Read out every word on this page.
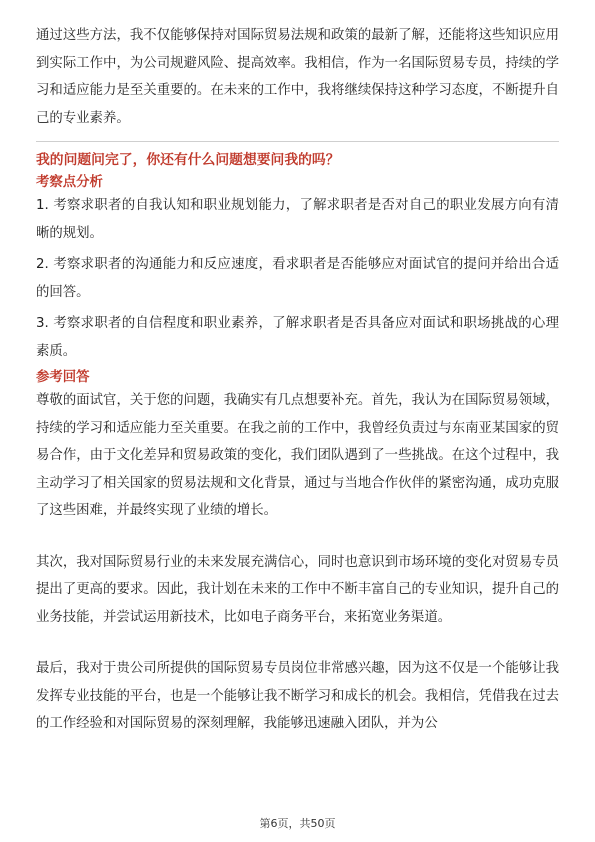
通过这些方法，我不仅能够保持对国际贸易法规和政策的最新了解，还能将这些知识应用到实际工作中，为公司规避风险、提高效率。我相信，作为一名国际贸易专员，持续的学习和适应能力是至关重要的。在未来的工作中，我将继续保持这种学习态度，不断提升自己的专业素养。

我的问题问完了，你还有什么问题想要问我的吗？

考察点分析

1. 考察求职者的自我认知和职业规划能力，了解求职者是否对自己的职业发展方向有清晰的规划。

2. 考察求职者的沟通能力和反应速度，看求职者是否能够应对面试官的提问并给出合适的回答。

3. 考察求职者的自信程度和职业素养，了解求职者是否具备应对面试和职场挑战的心理素质。

参考回答

尊敬的面试官，关于您的问题，我确实有几点想要补充。首先，我认为在国际贸易领域，持续的学习和适应能力至关重要。在我之前的工作中，我曾经负责过与东南亚某国家的贸易合作，由于文化差异和贸易政策的变化，我们团队遇到了一些挑战。在这个过程中，我主动学习了相关国家的贸易法规和文化背景，通过与当地合作伙伴的紧密沟通，成功克服了这些困难，并最终实现了业绩的增长。

其次，我对国际贸易行业的未来发展充满信心，同时也意识到市场环境的变化对贸易专员提出了更高的要求。因此，我计划在未来的工作中不断丰富自己的专业知识，提升自己的业务技能，并尝试运用新技术，比如电子商务平台，来拓宽业务渠道。

最后，我对于贵公司所提供的国际贸易专员岗位非常感兴趣，因为这不仅是一个能够让我发挥专业技能的平台，也是一个能够让我不断学习和成长的机会。我相信，凭借我在过去的工作经验和对国际贸易的深刻理解，我能够迅速融入团队，并为公

第6页，共50页
